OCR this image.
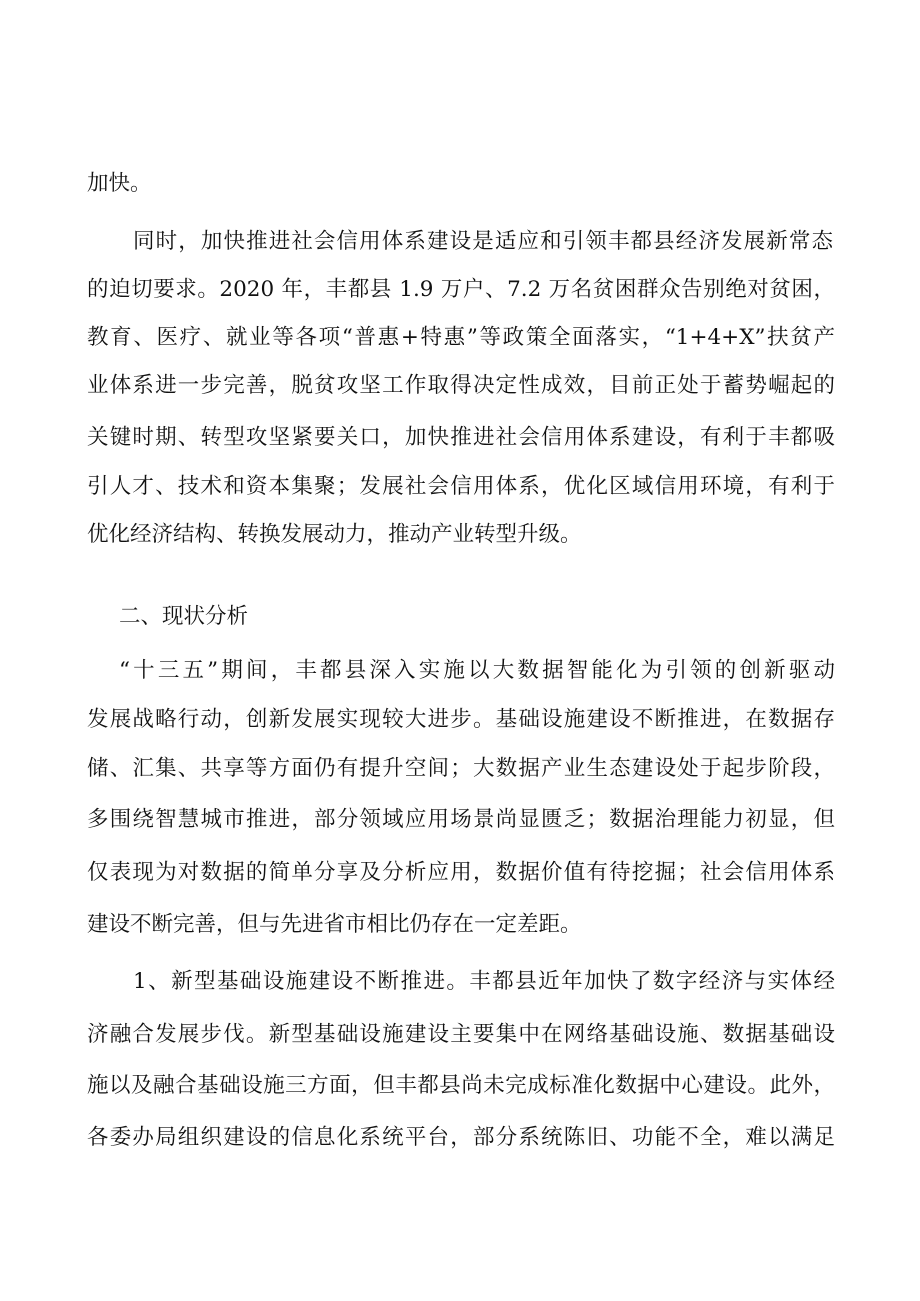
加快。
同时，加快推进社会信用体系建设是适应和引领丰都县经济发展新常态
的迫切要求。2020 年，丰都县 1.9 万户、7.2 万名贫困群众告别绝对贫困，
教育、医疗、就业等各项“普惠+特惠”等政策全面落实，“1+4+X”扶贫产
业体系进一步完善，脱贫攻坚工作取得决定性成效，目前正处于蓄势崛起的
关键时期、转型攻坚紧要关口，加快推进社会信用体系建设，有利于丰都吸
引人才、技术和资本集聚；发展社会信用体系，优化区域信用环境，有利于
优化经济结构、转换发展动力，推动产业转型升级。
二、现状分析
“十三五”期间，丰都县深入实施以大数据智能化为引领的创新驱动
发展战略行动，创新发展实现较大进步。基础设施建设不断推进，在数据存
储、汇集、共享等方面仍有提升空间；大数据产业生态建设处于起步阶段，
多围绕智慧城市推进，部分领域应用场景尚显匮乏；数据治理能力初显，但
仅表现为对数据的简单分享及分析应用，数据价值有待挖掘；社会信用体系
建设不断完善，但与先进省市相比仍存在一定差距。
1、新型基础设施建设不断推进。丰都县近年加快了数字经济与实体经
济融合发展步伐。新型基础设施建设主要集中在网络基础设施、数据基础设
施以及融合基础设施三方面，但丰都县尚未完成标准化数据中心建设。此外，
各委办局组织建设的信息化系统平台，部分系统陈旧、功能不全，难以满足
